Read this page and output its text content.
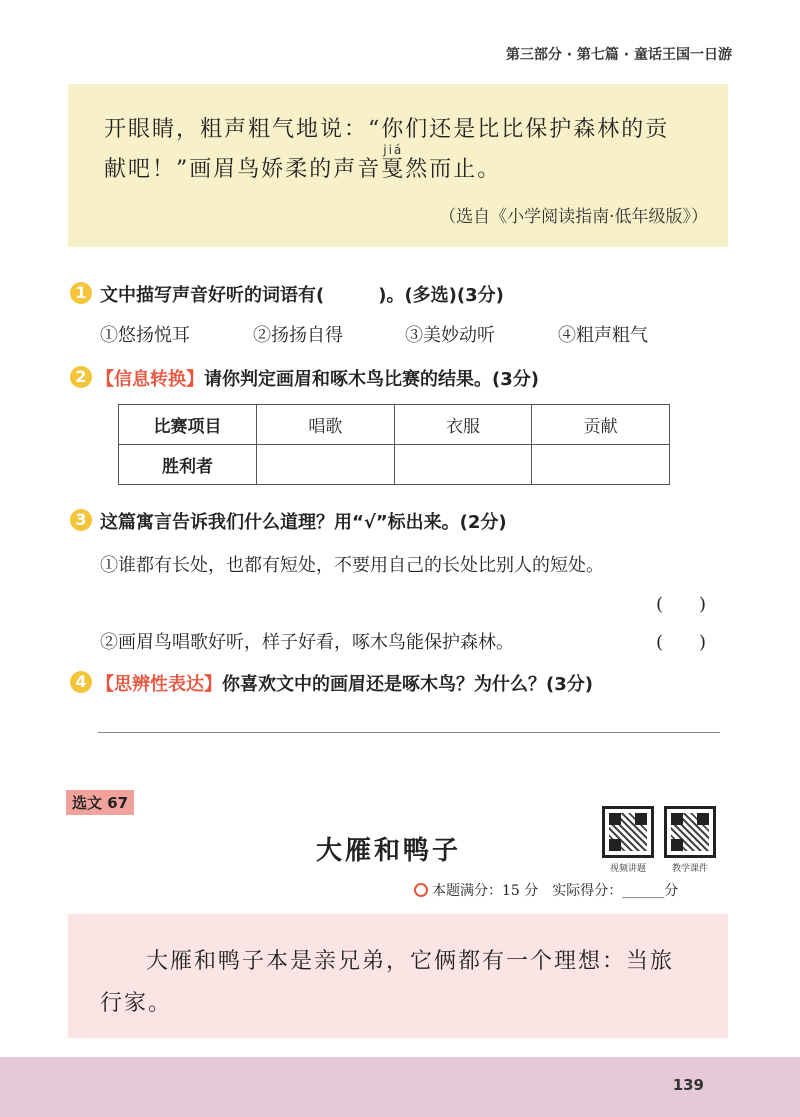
第三部分 · 第七篇 · 童话王国一日游
开眼睛，粗声粗气地说：“你们还是比比保护森林的贡
献吧！”画眉鸟娇柔的声音
jiá
戛然而止。
（选自《小学阅读指南·低年级版》）
1 文中描写声音好听的词语有(　　　)。(多选)(3分)
①悠扬悦耳	②扬扬自得	③美妙动听	④粗声粗气
2 【信息转换】请你判定画眉和啄木鸟比赛的结果。(3分)
比赛项目	唱歌	衣服	贡献
胜利者			
3 这篇寓言告诉我们什么道理？用“√”标出来。(2分)
①谁都有长处，也都有短处，不要用自己的长处比别人的短处。
(　　)
②画眉鸟唱歌好听，样子好看，啄木鸟能保护森林。	(　　)
4 【思辨性表达】你喜欢文中的画眉还是啄木鸟？为什么？(3分)
选文 67
大雁和鸭子
视频讲题	教学课件
本题满分：15 分　实际得分：______分
大雁和鸭子本是亲兄弟，它俩都有一个理想：当旅
行家。
139
